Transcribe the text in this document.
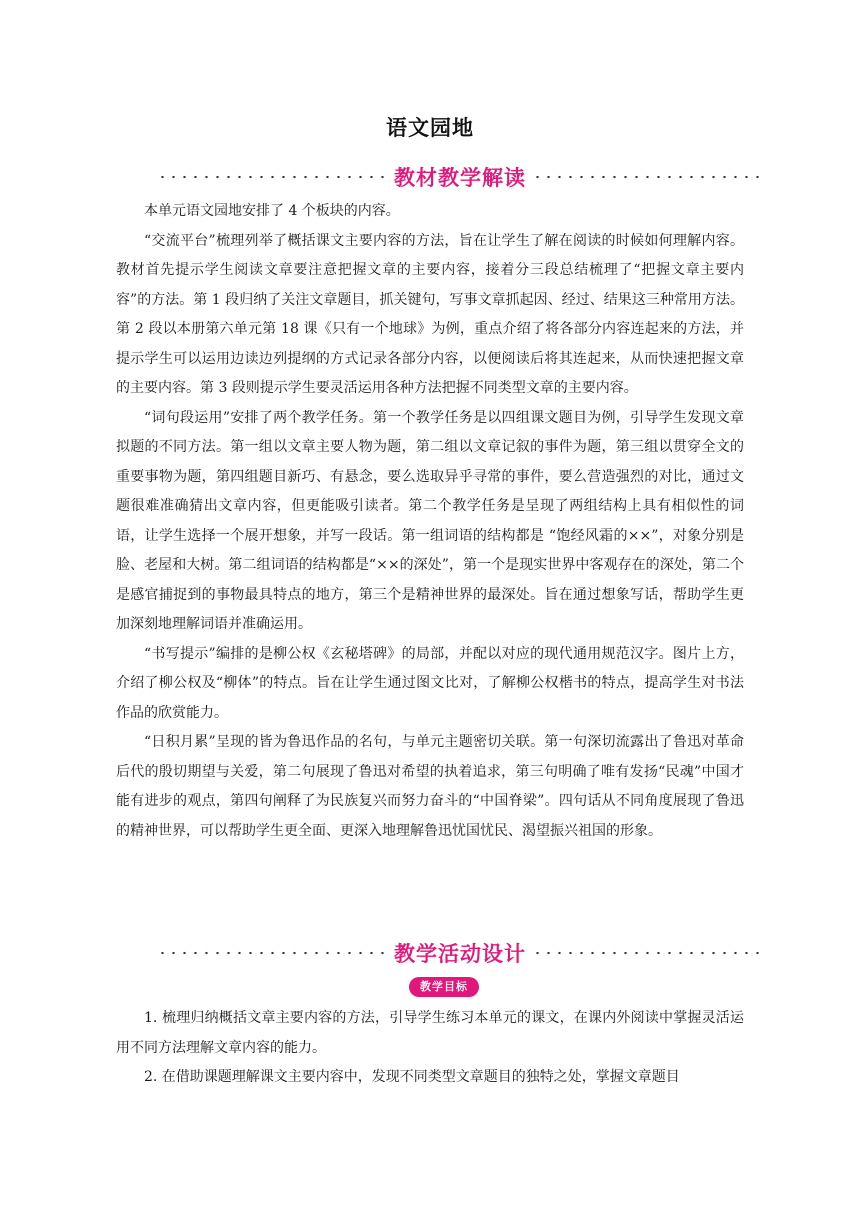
语文园地
教材教学解读

本单元语文园地安排了 4 个板块的内容。

“交流平台”梳理列举了概括课文主要内容的方法，旨在让学生了解在阅读的时候如何理解内容。教材首先提示学生阅读文章要注意把握文章的主要内容，接着分三段总结梳理了“把握文章主要内容”的方法。第 1 段归纳了关注文章题目，抓关键句，写事文章抓起因、经过、结果这三种常用方法。第 2 段以本册第六单元第 18 课《只有一个地球》为例，重点介绍了将各部分内容连起来的方法，并提示学生可以运用边读边列提纲的方式记录各部分内容，以便阅读后将其连起来，从而快速把握文章的主要内容。第 3 段则提示学生要灵活运用各种方法把握不同类型文章的主要内容。

“词句段运用”安排了两个教学任务。第一个教学任务是以四组课文题目为例，引导学生发现文章拟题的不同方法。第一组以文章主要人物为题，第二组以文章记叙的事件为题，第三组以贯穿全文的重要事物为题，第四组题目新巧、有悬念，要么选取异乎寻常的事件，要么营造强烈的对比，通过文题很难准确猜出文章内容，但更能吸引读者。第二个教学任务是呈现了两组结构上具有相似性的词语，让学生选择一个展开想象，并写一段话。第一组词语的结构都是 “饱经风霜的××”，对象分别是脸、老屋和大树。第二组词语的结构都是“××的深处”，第一个是现实世界中客观存在的深处，第二个是感官捕捉到的事物最具特点的地方，第三个是精神世界的最深处。旨在通过想象写话，帮助学生更加深刻地理解词语并准确运用。

“书写提示”编排的是柳公权《玄秘塔碑》的局部，并配以对应的现代通用规范汉字。图片上方，介绍了柳公权及“柳体”的特点。旨在让学生通过图文比对，了解柳公权楷书的特点，提高学生对书法作品的欣赏能力。

“日积月累”呈现的皆为鲁迅作品的名句，与单元主题密切关联。第一句深切流露出了鲁迅对革命后代的殷切期望与关爱，第二句展现了鲁迅对希望的执着追求，第三句明确了唯有发扬“民魂”中国才能有进步的观点，第四句阐释了为民族复兴而努力奋斗的“中国脊梁”。四句话从不同角度展现了鲁迅的精神世界，可以帮助学生更全面、更深入地理解鲁迅忧国忧民、渴望振兴祖国的形象。

教学活动设计
教学目标

1. 梳理归纳概括文章主要内容的方法，引导学生练习本单元的课文，在课内外阅读中掌握灵活运用不同方法理解文章内容的能力。

2. 在借助课题理解课文主要内容中，发现不同类型文章题目的独特之处，掌握文章题目
